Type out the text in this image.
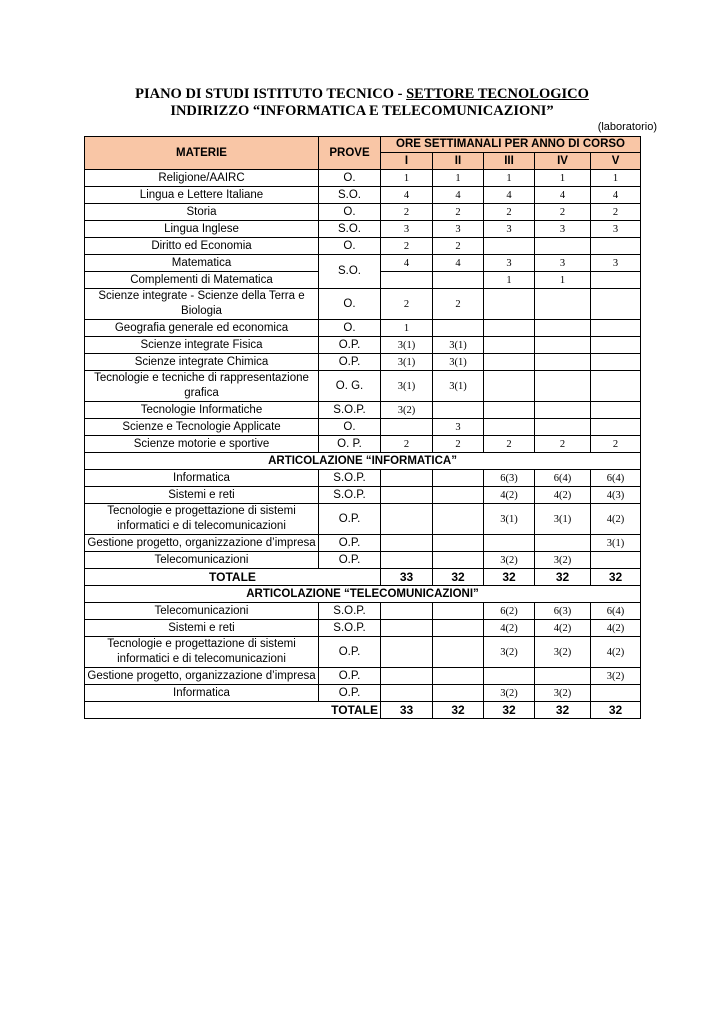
PIANO DI STUDI ISTITUTO TECNICO - SETTORE TECNOLOGICO
INDIRIZZO “INFORMATICA E TELECOMUNICAZIONI”
(laboratorio)
MATERIE	PROVE	ORE SETTIMANALI PER ANNO DI CORSO				
		I	II	III	IV	V
Religione/AAIRC	O.	1	1	1	1	1
Lingua e Lettere Italiane	S.O.	4	4	4	4	4
Storia	O.	2	2	2	2	2
Lingua Inglese	S.O.	3	3	3	3	3
Diritto ed Economia	O.	2	2			
Matematica	S.O.	4	4	3	3	3
Complementi di Matematica				1	1	
Scienze integrate - Scienze della Terra e Biologia	O.	2	2			
Geografia generale ed economica	O.	1				
Scienze integrate Fisica	O.P.	3(1)	3(1)			
Scienze integrate Chimica	O.P.	3(1)	3(1)			
Tecnologie e tecniche di rappresentazione grafica	O. G.	3(1)	3(1)			
Tecnologie Informatiche	S.O.P.	3(2)				
Scienze e Tecnologie Applicate	O.		3			
Scienze motorie e sportive	O. P.	2	2	2	2	2
ARTICOLAZIONE “INFORMATICA”						
Informatica	S.O.P.			6(3)	6(4)	6(4)
Sistemi e reti	S.O.P.			4(2)	4(2)	4(3)
Tecnologie e progettazione di sistemi informatici e di telecomunicazioni	O.P.			3(1)	3(1)	4(2)
Gestione progetto, organizzazione d’impresa	O.P.					3(1)
Telecomunicazioni	O.P.			3(2)	3(2)	
TOTALE		33	32	32	32	32
ARTICOLAZIONE “TELECOMUNICAZIONI”						
Telecomunicazioni	S.O.P.			6(2)	6(3)	6(4)
Sistemi e reti	S.O.P.			4(2)	4(2)	4(2)
Tecnologie e progettazione di sistemi informatici e di telecomunicazioni	O.P.			3(2)	3(2)	4(2)
Gestione progetto, organizzazione d’impresa	O.P.					3(2)
Informatica	O.P.			3(2)	3(2)	
TOTALE		33	32	32	32	32
